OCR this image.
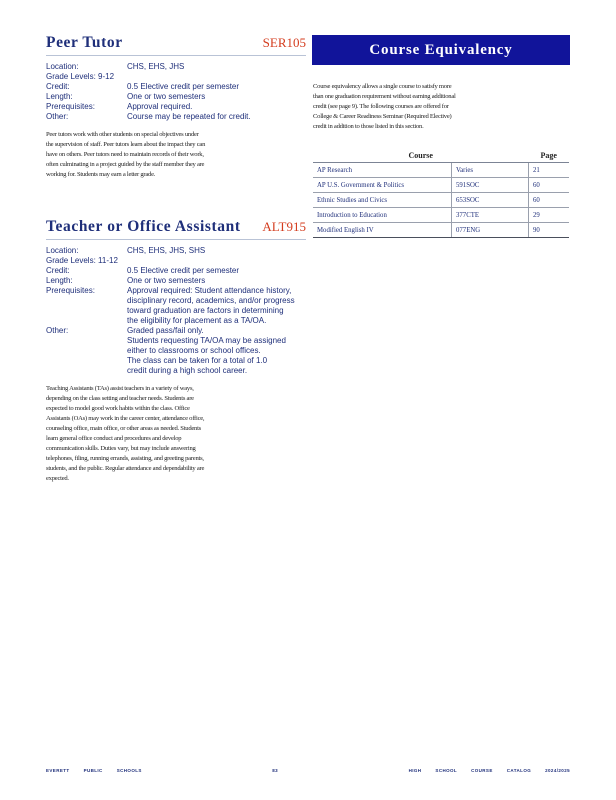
Peer Tutor	SER105
Location:	CHS, EHS, JHS
Grade Levels: 9-12
Credit:	0.5 Elective credit per semester
Length:	One or two semesters
Prerequisites:	Approval required.
Other:	Course may be repeated for credit.
Peer tutors work with other students on special objectives under the supervision of staff. Peer tutors learn about the impact they can have on others. Peer tutors need to maintain records of their work, often culminating in a project guided by the staff member they are working for. Students may earn a letter grade.
Teacher or Office Assistant ALT915
Location:	CHS, EHS, JHS, SHS
Grade Levels: 11-12
Credit:	0.5 Elective credit per semester
Length:	One or two semesters
Prerequisites:	Approval required: Student attendance history,
disciplinary record, academics, and/or progress
toward graduation are factors in determining
the eligibility for placement as a TA/OA.
Other:	Graded pass/fail only.
Students requesting TA/OA may be assigned
either to classrooms or school offices.
The class can be taken for a total of 1.0
credit during a high school career.
Teaching Assistants (TAs) assist teachers in a variety of ways, depending on the class setting and teacher needs. Students are expected to model good work habits within the class. Office Assistants (OAs) may work in the career center, attendance office, counseling office, main office, or other areas as needed. Students learn general office conduct and procedures and develop communication skills. Duties vary, but may include answering telephones, filing, running errands, assisting, and greeting parents, students, and the public. Regular attendance and dependability are expected.
Course Equivalency
Course equivalency allows a single course to satisfy more than one graduation requirement without earning additional credit (see page 9). The following courses are offered for College & Career Readiness Seminar (Required Elective) credit in addition to those listed in this section.
Course		Page
AP Research	Varies	21
AP U.S. Government & Politics	591SOC	60
Ethnic Studies and Civics	653SOC	60
Introduction to Education	377CTE	29
Modified English IV	077ENG	90
EVERETT	PUBLIC	SCHOOLS	83	HIGH	SCHOOL	COURSE	CATALOG	2024/2025
